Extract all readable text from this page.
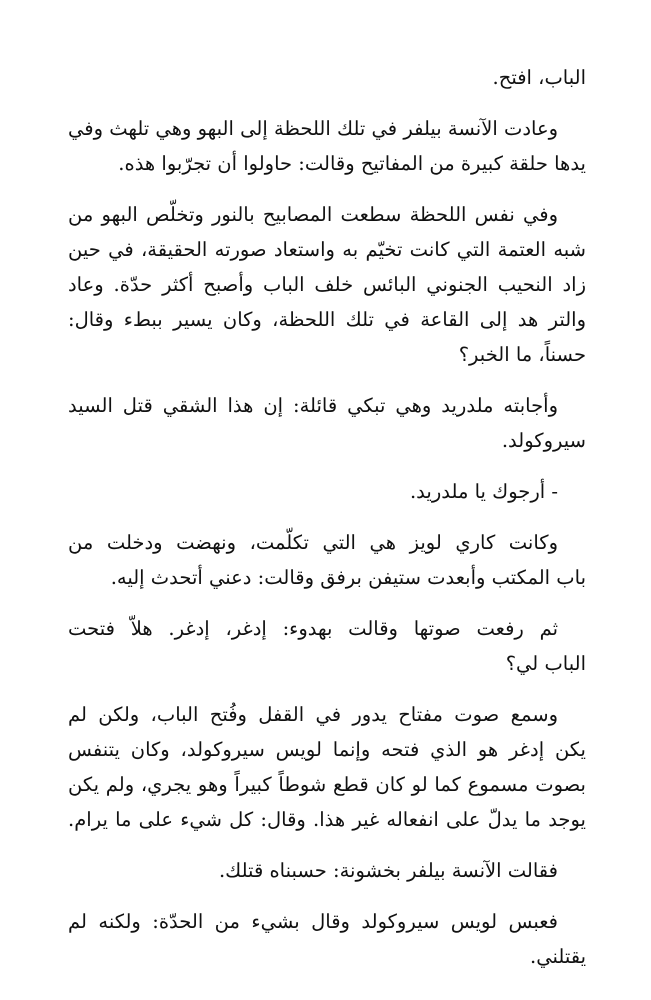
الباب، افتح.
وعادت الآنسة بيلفر في تلك اللحظة إلى البهو وهي تلهث وفي
يدها حلقة كبيرة من المفاتيح وقالت: حاولوا أن تجرّبوا هذه.
وفي نفس اللحظة سطعت المصابيح بالنور وتخلّص البهو من
شبه العتمة التي كانت تخيّم به واستعاد صورته الحقيقة، في حين
زاد النحيب الجنوني البائس خلف الباب وأصبح أكثر حدّة. وعاد
والتر هد إلى القاعة في تلك اللحظة، وكان يسير ببطء وقال:
حسناً، ما الخبر؟
وأجابته ملدريد وهي تبكي قائلة: إن هذا الشقي قتل السيد
سيروكولد.
- أرجوك يا ملدريد.
وكانت كاري لويز هي التي تكلّمت، ونهضت ودخلت من
باب المكتب وأبعدت ستيفن برفق وقالت: دعني أتحدث إليه.
ثم رفعت صوتها وقالت بهدوء: إدغر، إدغر. هلاّ فتحت
الباب لي؟
وسمع صوت مفتاح يدور في القفل وفُتح الباب، ولكن لم
يكن إدغر هو الذي فتحه وإنما لويس سيروكولد، وكان يتنفس
بصوت مسموع كما لو كان قطع شوطاً كبيراً وهو يجري، ولم يكن
يوجد ما يدلّ على انفعاله غير هذا. وقال: كل شيء على ما يرام.
فقالت الآنسة بيلفر بخشونة: حسبناه قتلك.
فعبس لويس سيروكولد وقال بشيء من الحدّة: ولكنه لم
يقتلني.
